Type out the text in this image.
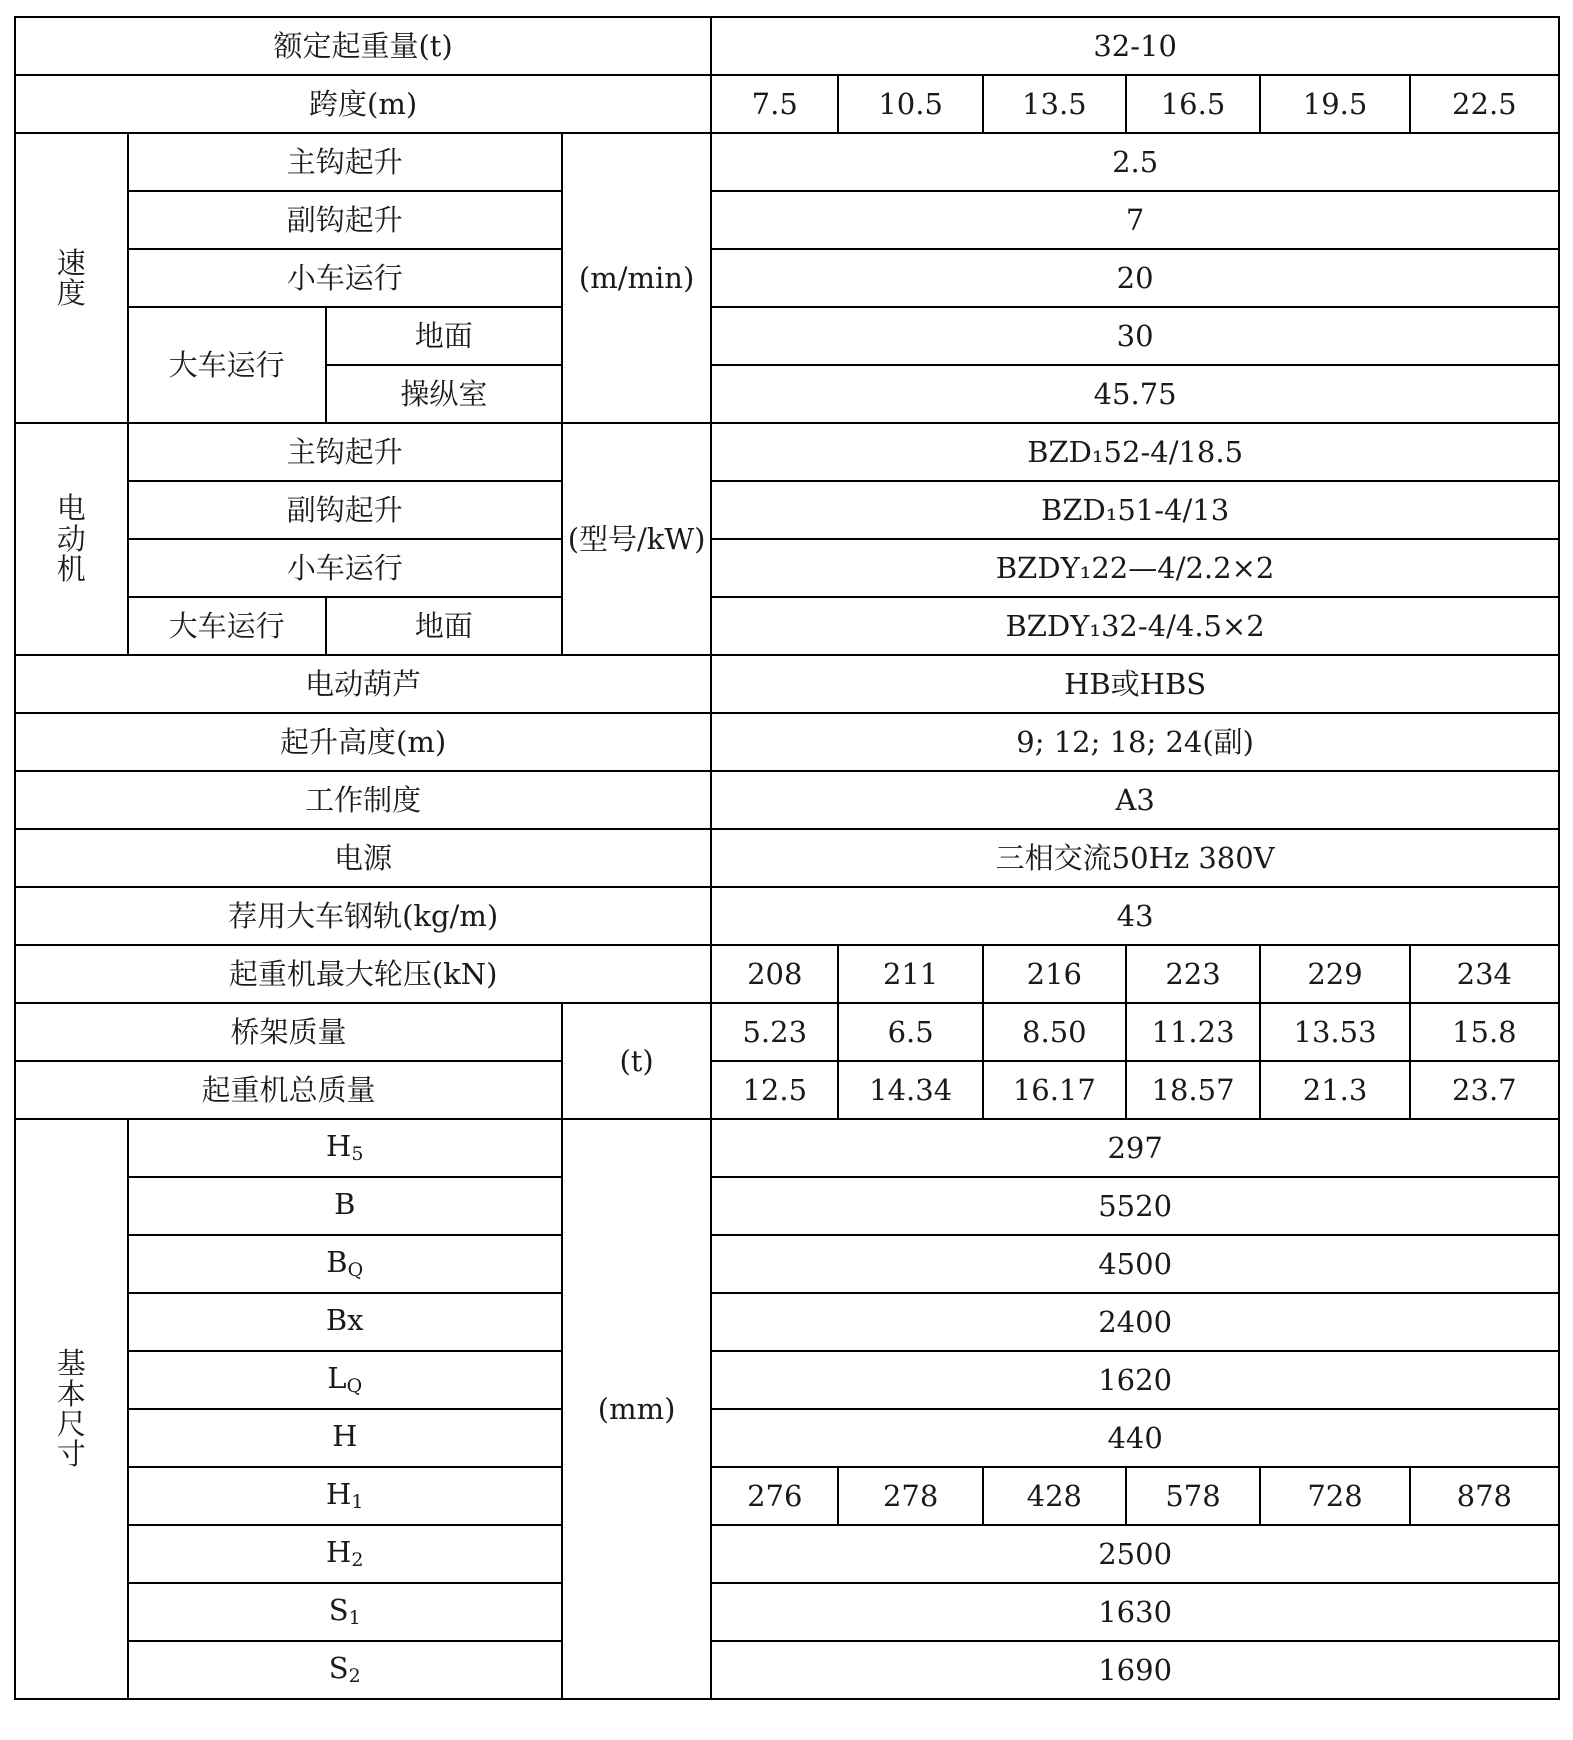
额定起重量(t)				32-10					
跨度(m)				7.5	10.5	13.5	16.5	19.5	22.5

速度	主钩起升		(m/min)	2.5					
	副钩起升			7					
	小车运行			20					
	大车运行	地面		30					
		操纵室		45.75					

电动机	主钩起升		(型号/kW)	BZD₁52-4/18.5					
	副钩起升			BZD₁51-4/13					
	小车运行			BZDY₁22—4/2.2×2					
	大车运行	地面		BZDY₁32-4/4.5×2					
电动葫芦				HB或HBS					
起升高度(m)				9; 12; 18; 24(副)					
工作制度				A3					
电源				三相交流50Hz 380V					
荐用大车钢轨(kg/m)				43					
起重机最大轮压(kN)				208	211	216	223	229	234
桥架质量			(t)	5.23	6.5	8.50	11.23	13.53	15.8
起重机总质量				12.5	14.34	16.17	18.57	21.3	23.7

基本尺寸	$H_5$		(mm)	297					
	B			5520					
	$B_Q$			4500					
	Bx			2400					
	$L_Q$			1620					
	H			440					
	$H_1$			276	278	428	578	728	878
	$H_2$			2500					
	$S_1$			1630					
	$S_2$			1690					
